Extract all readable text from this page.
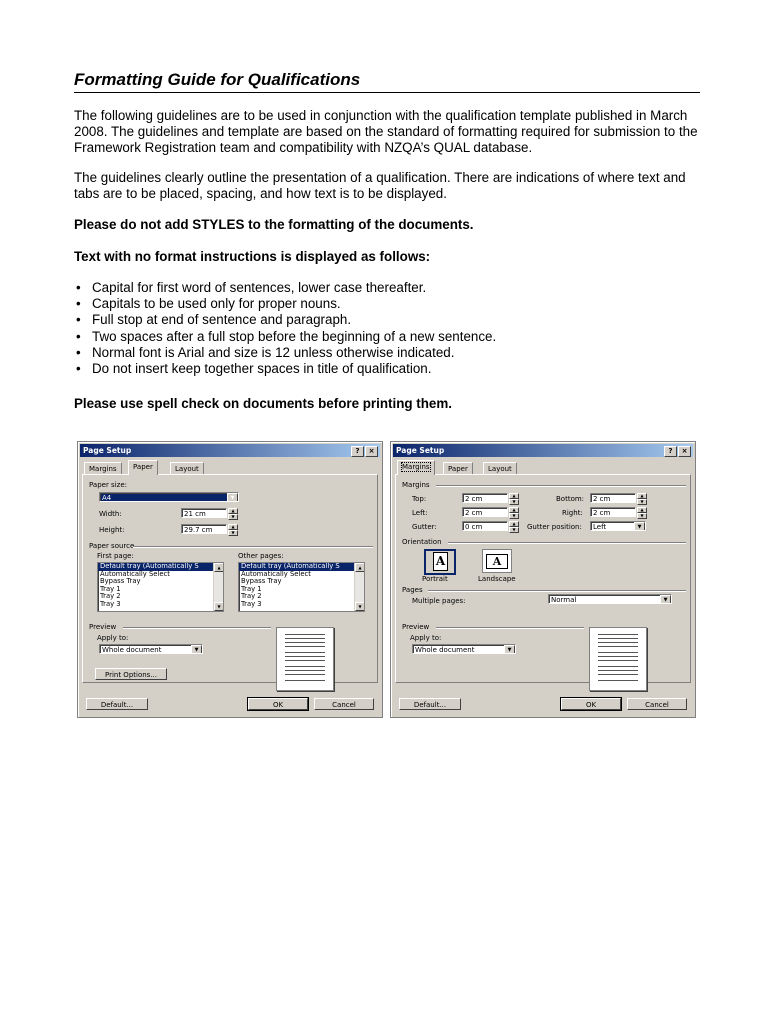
Formatting Guide for Qualifications
The following guidelines are to be used in conjunction with the qualification template published in March 2008. The guidelines and template are based on the standard of formatting required for submission to the Framework Registration team and compatibility with NZQA’s QUAL database.
The guidelines clearly outline the presentation of a qualification. There are indications of where text and tabs are to be placed, spacing, and how text is to be displayed.
Please do not add STYLES to the formatting of the documents.
Text with no format instructions is displayed as follows:
• Capital for first word of sentences, lower case thereafter.
• Capitals to be used only for proper nouns.
• Full stop at end of sentence and paragraph.
• Two spaces after a full stop before the beginning of a new sentence.
• Normal font is Arial and size is 12 unless otherwise indicated.
• Do not insert keep together spaces in title of qualification.
Please use spell check on documents before printing them.
Page Setup	?	×
Margins	Paper	Layout
Paper size:
A4	▼
Width:	21 cm	▲
▼
Height:	29.7 cm	▲
▼
Paper source
First page:	Other pages:
Default tray (Automatically S
Automatically Select
Bypass Tray
Tray 1
Tray 2
Tray 3
▲
▼
Default tray (Automatically S
Automatically Select
Bypass Tray
Tray 1
Tray 2
Tray 3
▲
▼
Preview
Apply to:
Whole document	▼
Print Options...
Default...	OK	Cancel
Page Setup	?	×
Margins	Paper	Layout
Margins
Top:	2 cm	▲
▼	Bottom:	2 cm	▲
▼
Left:	2 cm	▲
▼	Right:	2 cm	▲
▼
Gutter:	0 cm	▲
▼	Gutter position:	Left	▼
Orientation
A
Portrait
A
Landscape
Pages
Multiple pages:	Normal	▼
Preview
Apply to:
Whole document	▼
Default...	OK	Cancel
